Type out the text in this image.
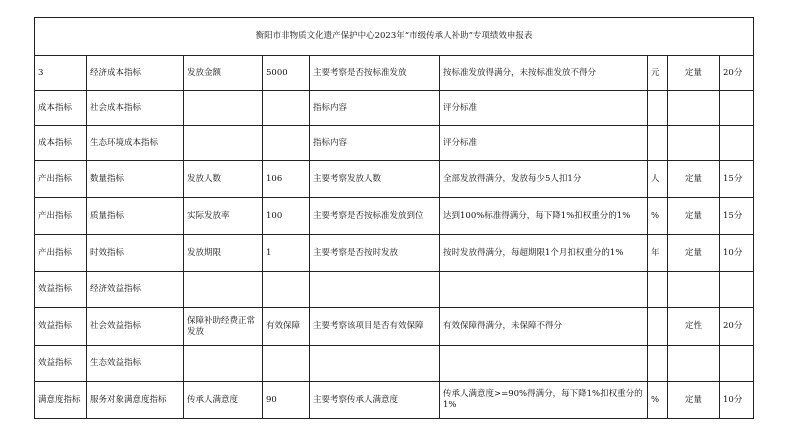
衡阳市非物质文化遗产保护中心2023年“市级传承人补助”专项绩效申报表								
3	经济成本指标	发放金额	5000	主要考察是否按标准发放	按标准发放得满分，未按标准发放不得分	元	定量	20分
成本指标	社会成本指标			指标内容	评分标准			
成本指标	生态环境成本指标			指标内容	评分标准			
产出指标	数量指标	发放人数	106	主要考察发放人数	全部发放得满分，发放每少5人扣1分	人	定量	15分
产出指标	质量指标	实际发放率	100	主要考察是否按标准发放到位	达到100%标准得满分，每下降1%扣权重分的1%	%	定量	15分
产出指标	时效指标	发放期限	1	主要考察是否按时发放	按时发放得满分，每超期限1个月扣权重分的1%	年	定量	10分
效益指标	经济效益指标							
效益指标	社会效益指标	保障补助经费正常发放	有效保障	主要考察该项目是否有效保障	有效保障得满分，未保障不得分		定性	20分
效益指标	生态效益指标							
满意度指标	服务对象满意度指标	传承人满意度	90	主要考察传承人满意度	传承人满意度>=90%得满分，每下降1%扣权重分的1%	%	定量	10分
